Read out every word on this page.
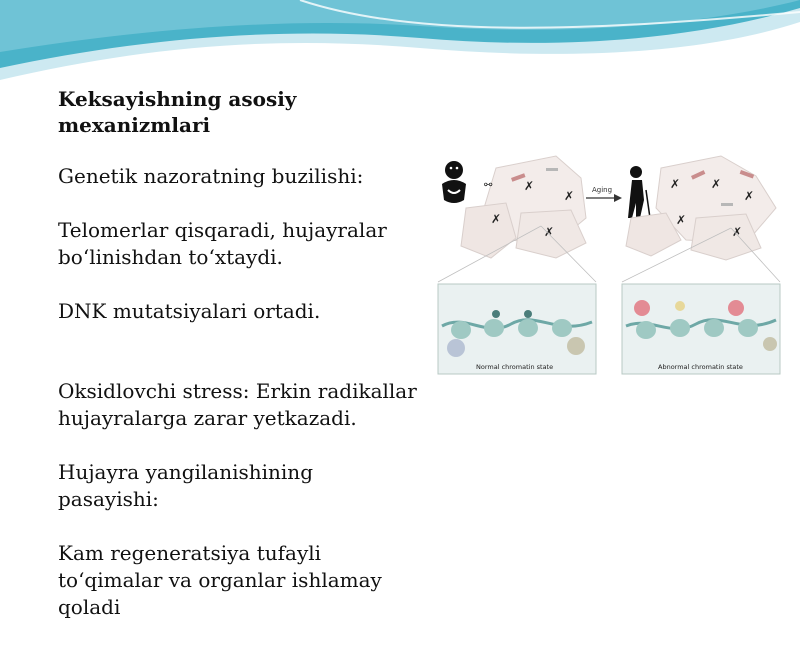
Keksayishning asosiy mexanizmlari
Genetik nazoratning buzilishi:
Telomerlar qisqaradi, hujayralar bo‘linishdan to‘xtaydi.
DNK mutatsiyalari ortadi.
Oksidlovchi stress: Erkin radikallar hujayralarga zarar yetkazadi.
Hujayra yangilanishining pasayishi:
Kam regeneratsiya tufayli to‘qimalar va organlar ishlamay qoladi
⚯	✗
✗
✗
✗
Aging	✗	✗
✗
✗
✗
Normal chromatin state	Abnormal chromatin state
